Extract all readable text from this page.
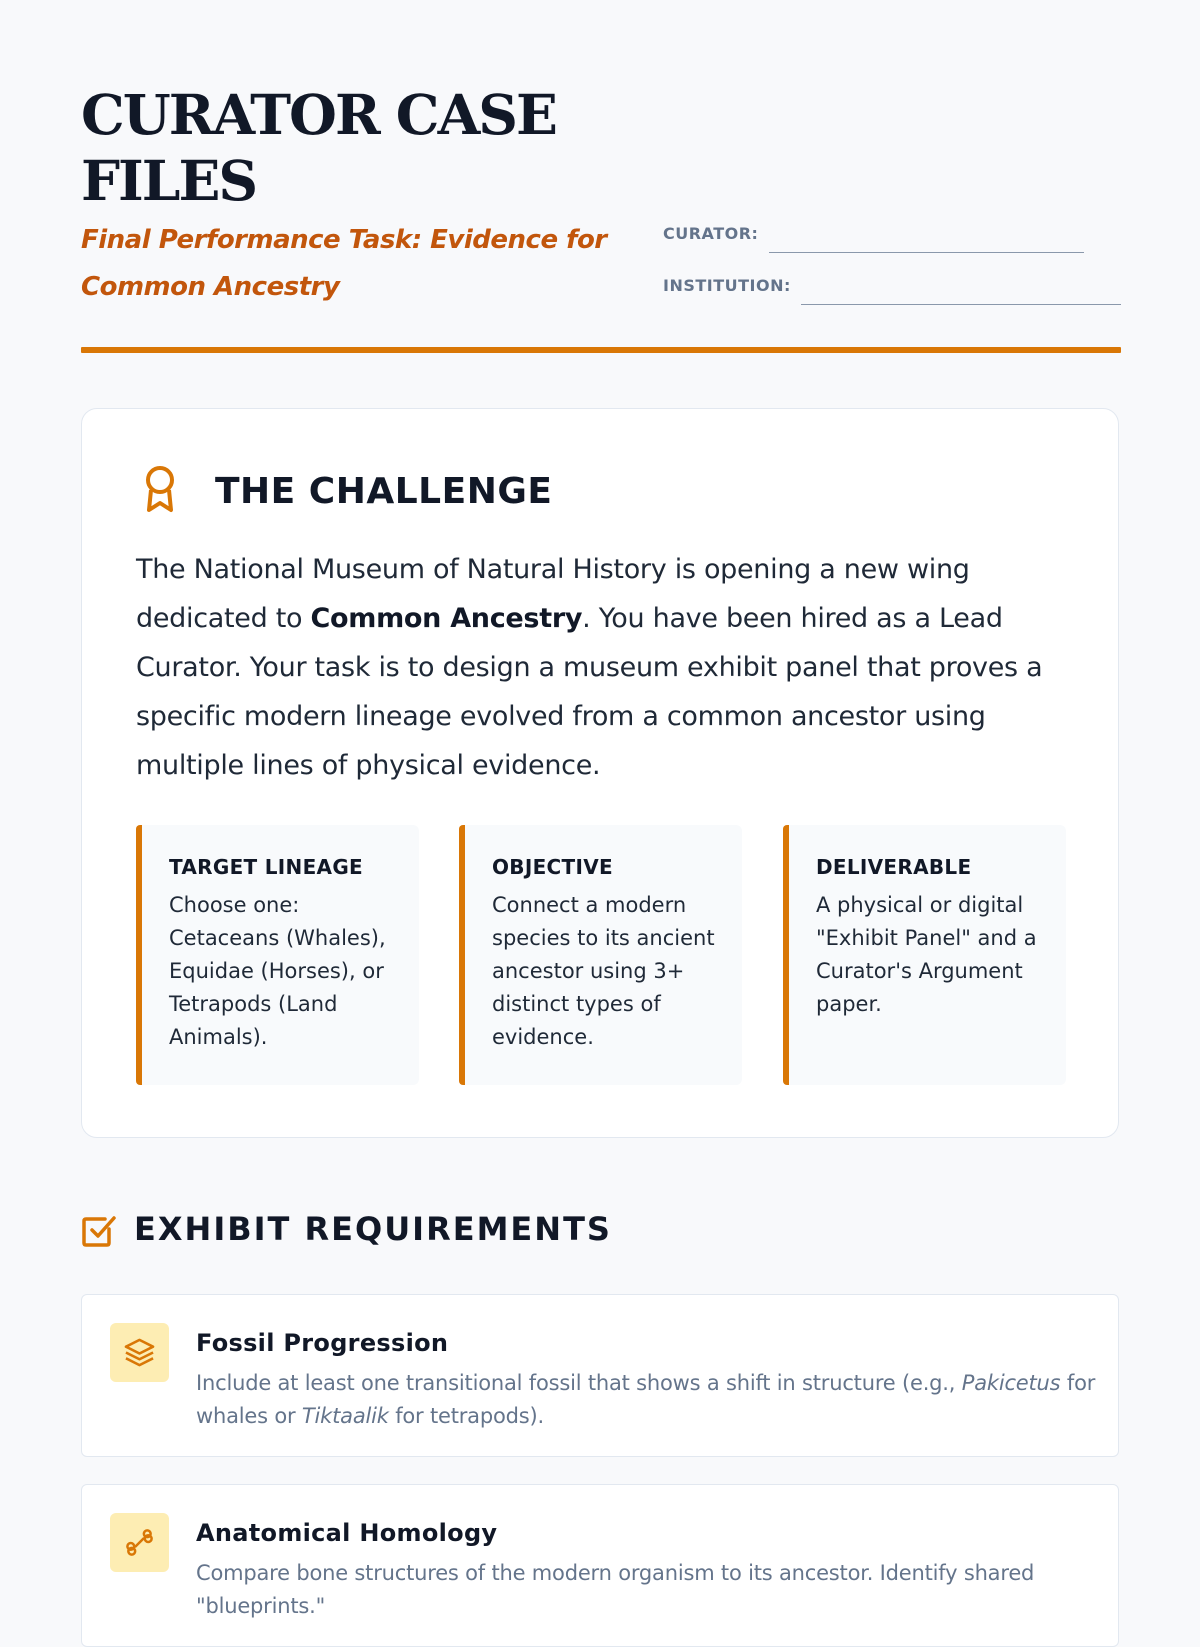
CURATOR CASE FILES

Final Performance Task: Evidence for Common Ancestry

CURATOR:
INSTITUTION:
THE CHALLENGE

The National Museum of Natural History is opening a new wing dedicated to Common Ancestry. You have been hired as a Lead Curator. Your task is to design a museum exhibit panel that proves a specific modern lineage evolved from a common ancestor using multiple lines of physical evidence.

TARGET LINEAGE

Choose one: Cetaceans (Whales), Equidae (Horses), or Tetrapods (Land Animals).

OBJECTIVE

Connect a modern species to its ancient ancestor using 3+ distinct types of evidence.

DELIVERABLE

A physical or digital "Exhibit Panel" and a Curator's Argument paper.

EXHIBIT REQUIREMENTS
Fossil Progression

Include at least one transitional fossil that shows a shift in structure (e.g., Pakicetus for whales or Tiktaalik for tetrapods).

Anatomical Homology

Compare bone structures of the modern organism to its ancestor. Identify shared "blueprints."
